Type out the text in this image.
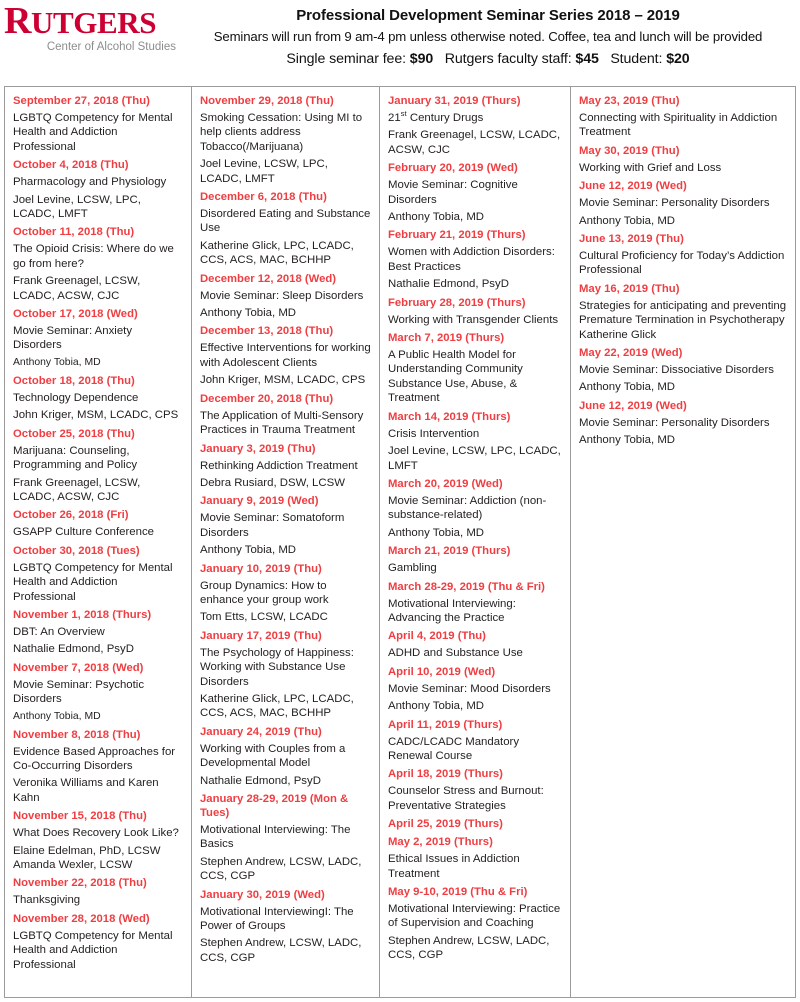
RUTGERS
Center of Alcohol Studies
Professional Development Seminar Series 2018 – 2019
Seminars will run from 9 am-4 pm unless otherwise noted. Coffee, tea and lunch will be provided
Single seminar fee: $90 Rutgers faculty staff: $45 Student: $20
September 27, 2018 (Thu)
LGBTQ Competency for Mental Health and Addiction Professional
October 4, 2018 (Thu)
Pharmacology and Physiology
Joel Levine, LCSW, LPC, LCADC, LMFT
October 11, 2018 (Thu)
The Opioid Crisis: Where do we go from here?
Frank Greenagel, LCSW, LCADC, ACSW, CJC
October 17, 2018 (Wed)
Movie Seminar: Anxiety Disorders
Anthony Tobia, MD
October 18, 2018 (Thu)
Technology Dependence
John Kriger, MSM, LCADC, CPS
October 25, 2018 (Thu)
Marijuana: Counseling, Programming and Policy
Frank Greenagel, LCSW, LCADC, ACSW, CJC
October 26, 2018 (Fri)
GSAPP Culture Conference
October 30, 2018 (Tues)
LGBTQ Competency for Mental Health and Addiction Professional
November 1, 2018 (Thurs)
DBT: An Overview
Nathalie Edmond, PsyD
November 7, 2018 (Wed)
Movie Seminar: Psychotic Disorders
Anthony Tobia, MD
November 8, 2018 (Thu)
Evidence Based Approaches for Co-Occurring Disorders
Veronika Williams and Karen Kahn
November 15, 2018 (Thu)
What Does Recovery Look Like?
Elaine Edelman, PhD, LCSW Amanda Wexler, LCSW
November 22, 2018 (Thu)
Thanksgiving
November 28, 2018 (Wed)
LGBTQ Competency for Mental Health and Addiction Professional
November 29, 2018 (Thu)
Smoking Cessation: Using MI to help clients address Tobacco(/Marijuana)
Joel Levine, LCSW, LPC, LCADC, LMFT
December 6, 2018 (Thu)
Disordered Eating and Substance Use
Katherine Glick, LPC, LCADC, CCS, ACS, MAC, BCHHP
December 12, 2018 (Wed)
Movie Seminar: Sleep Disorders
Anthony Tobia, MD
December 13, 2018 (Thu)
Effective Interventions for working with Adolescent Clients
John Kriger, MSM, LCADC, CPS
December 20, 2018 (Thu)
The Application of Multi-Sensory Practices in Trauma Treatment
January 3, 2019 (Thu)
Rethinking Addiction Treatment
Debra Rusiard, DSW, LCSW
January 9, 2019 (Wed)
Movie Seminar: Somatoform Disorders
Anthony Tobia, MD
January 10, 2019 (Thu)
Group Dynamics: How to enhance your group work
Tom Etts, LCSW, LCADC
January 17, 2019 (Thu)
The Psychology of Happiness: Working with Substance Use Disorders
Katherine Glick, LPC, LCADC, CCS, ACS, MAC, BCHHP
January 24, 2019 (Thu)
Working with Couples from a Developmental Model
Nathalie Edmond, PsyD
January 28-29, 2019 (Mon & Tues)
Motivational Interviewing: The Basics
Stephen Andrew, LCSW, LADC, CCS, CGP
January 30, 2019 (Wed)
Motivational InterviewingI: The Power of Groups
Stephen Andrew, LCSW, LADC, CCS, CGP
January 31, 2019 (Thurs)
21st Century Drugs
Frank Greenagel, LCSW, LCADC, ACSW, CJC
February 20, 2019 (Wed)
Movie Seminar: Cognitive Disorders
Anthony Tobia, MD
February 21, 2019 (Thurs)
Women with Addiction Disorders: Best Practices
Nathalie Edmond, PsyD
February 28, 2019 (Thurs)
Working with Transgender Clients
March 7, 2019 (Thurs)
A Public Health Model for Understanding Community Substance Use, Abuse, & Treatment
March 14, 2019 (Thurs)
Crisis Intervention
Joel Levine, LCSW, LPC, LCADC, LMFT
March 20, 2019 (Wed)
Movie Seminar: Addiction (non-substance-related)
Anthony Tobia, MD
March 21, 2019 (Thurs)
Gambling
March 28-29, 2019 (Thu & Fri)
Motivational Interviewing: Advancing the Practice
April 4, 2019 (Thu)
ADHD and Substance Use
April 10, 2019 (Wed)
Movie Seminar: Mood Disorders
Anthony Tobia, MD
April 11, 2019 (Thurs)
CADC/LCADC Mandatory Renewal Course
April 18, 2019 (Thurs)
Counselor Stress and Burnout: Preventative Strategies
April 25, 2019 (Thurs)
May 2, 2019 (Thurs)
Ethical Issues in Addiction Treatment
May 9-10, 2019 (Thu & Fri)
Motivational Interviewing: Practice of Supervision and Coaching
Stephen Andrew, LCSW, LADC, CCS, CGP
May 23, 2019 (Thu)
Connecting with Spirituality in Addiction Treatment
May 30, 2019 (Thu)
Working with Grief and Loss
June 12, 2019 (Wed)
Movie Seminar: Personality Disorders
Anthony Tobia, MD
June 13, 2019 (Thu)
Cultural Proficiency for Today’s Addiction Professional
May 16, 2019 (Thu)
Strategies for anticipating and preventing Premature Termination in Psychotherapy Katherine Glick
May 22, 2019 (Wed)
Movie Seminar: Dissociative Disorders
Anthony Tobia, MD
June 12, 2019 (Wed)
Movie Seminar: Personality Disorders
Anthony Tobia, MD
